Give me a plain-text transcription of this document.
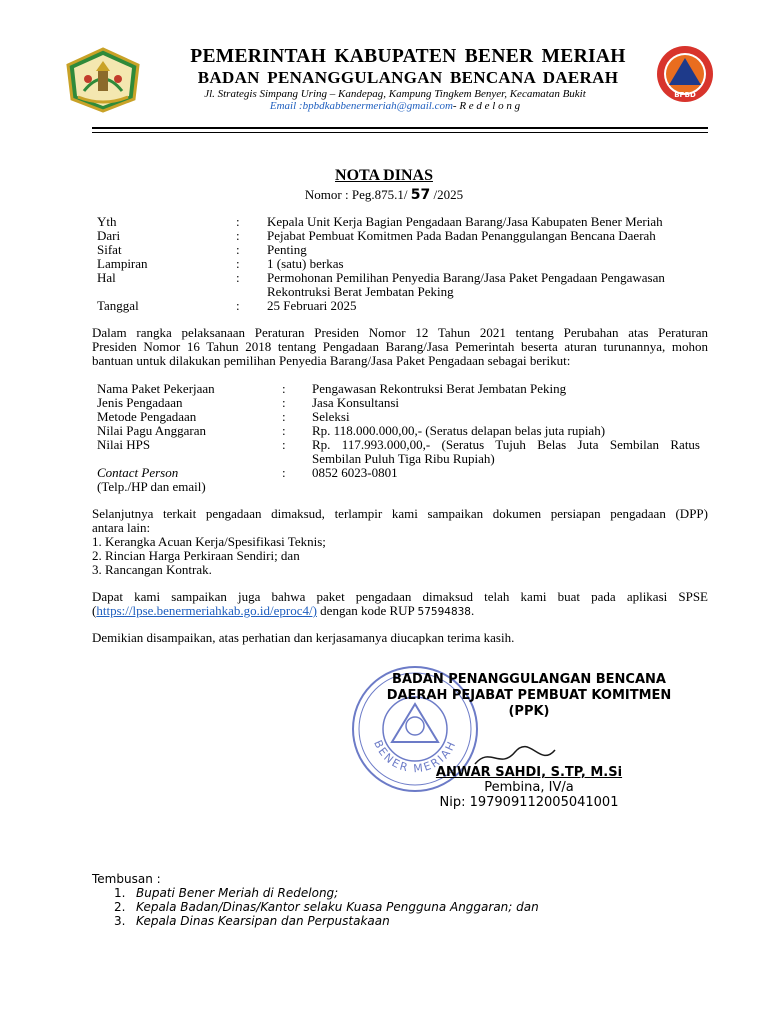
BPBD
PEMERINTAH KABUPATEN BENER MERIAH
BADAN PENANGGULANGAN BENCANA DAERAH
Jl. Strategis Simpang Uring – Kandepag, Kampung Tingkem Benyer, Kecamatan Bukit
Email :bpbdkabbenermeriah@gmail.com- R e d e l o n g
NOTA DINAS
Nomor : Peg.875.1/ 57 /2025
Yth	: Kepala Unit Kerja Bagian Pengadaan Barang/Jasa Kabupaten Bener Meriah
Dari	: Pejabat Pembuat Komitmen Pada Badan Penanggulangan Bencana Daerah
Sifat	: Penting
Lampiran	: 1 (satu) berkas
Hal	: Permohonan Pemilihan Penyedia Barang/Jasa Paket Pengadaan Pengawasan
Rekontruksi Berat Jembatan Peking
Tanggal	: 25 Februari 2025
Dalam rangka pelaksanaan Peraturan Presiden Nomor 12 Tahun 2021 tentang Perubahan atas Peraturan
Presiden Nomor 16 Tahun 2018 tentang Pengadaan Barang/Jasa Pemerintah beserta aturan turunannya, mohon
bantuan untuk dilakukan pemilihan Penyedia Barang/Jasa Paket Pengadaan sebagai berikut:
Nama Paket Pekerjaan	: Pengawasan Rekontruksi Berat Jembatan Peking
Jenis Pengadaan	: Jasa Konsultansi
Metode Pengadaan	: Seleksi
Nilai Pagu Anggaran	: Rp. 118.000.000,00,- (Seratus delapan belas juta rupiah)
Nilai HPS	: Rp. 117.993.000,00,- (Seratus Tujuh Belas Juta Sembilan Ratus
Sembilan Puluh Tiga Ribu Rupiah)
Contact Person	: 0852 6023-0801
(Telp./HP dan email)
Selanjutnya terkait pengadaan dimaksud, terlampir kami sampaikan dokumen persiapan pengadaan (DPP)
antara lain:
1. Kerangka Acuan Kerja/Spesifikasi Teknis;
2. Rincian Harga Perkiraan Sendiri; dan
3. Rancangan Kontrak.
Dapat kami sampaikan juga bahwa paket pengadaan dimaksud telah kami buat pada aplikasi SPSE
(https://lpse.benermeriahkab.go.id/eproc4/) dengan kode RUP 57594838.
Demikian disampaikan, atas perhatian dan kerjasamanya diucapkan terima kasih.
BENER MERIAH
BADAN PENANGGULANGAN BENCANA
DAERAH PEJABAT PEMBUAT KOMITMEN
(PPK)
ANWAR SAHDI, S.TP, M.Si
Pembina, IV/a
Nip: 197909112005041001
Tembusan :
1. Bupati Bener Meriah di Redelong;
2. Kepala Badan/Dinas/Kantor selaku Kuasa Pengguna Anggaran; dan
3. Kepala Dinas Kearsipan dan Perpustakaan
